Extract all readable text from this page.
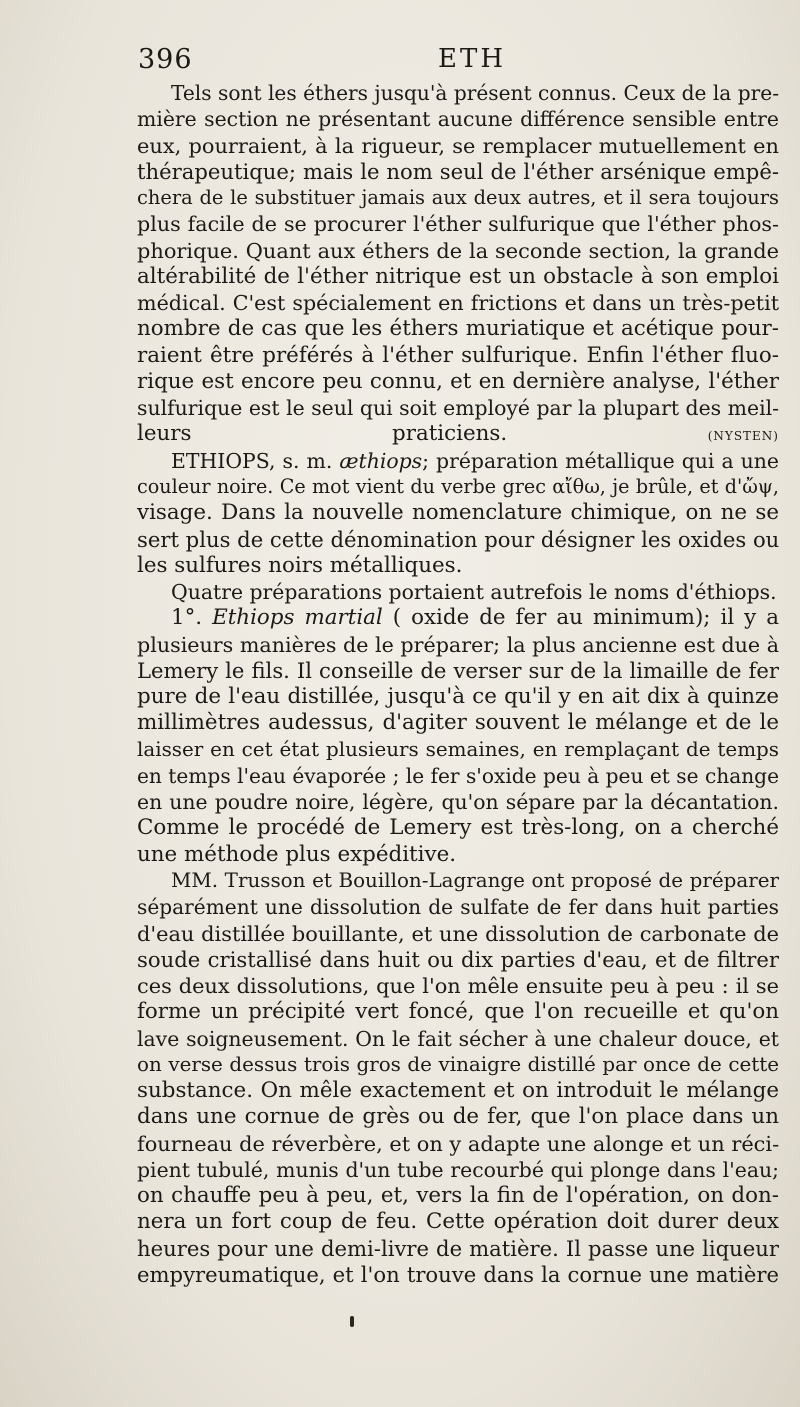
396	ETH
Tels sont les éthers jusqu'à présent connus. Ceux de la pre-
mière section ne présentant aucune différence sensible entre
eux, pourraient, à la rigueur, se remplacer mutuellement en
thérapeutique; mais le nom seul de l'éther arsénique empê-
chera de le substituer jamais aux deux autres, et il sera toujours
plus facile de se procurer l'éther sulfurique que l'éther phos-
phorique. Quant aux éthers de la seconde section, la grande
altérabilité de l'éther nitrique est un obstacle à son emploi
médical. C'est spécialement en frictions et dans un très-petit
nombre de cas que les éthers muriatique et acétique pour-
raient être préférés à l'éther sulfurique. Enfin l'éther fluo-
rique est encore peu connu, et en dernière analyse, l'éther
sulfurique est le seul qui soit employé par la plupart des meil-
leurs praticiens.	(NYSTEN)
ETHIOPS, s. m. æthiops; préparation métallique qui a une
couleur noire. Ce mot vient du verbe grec αἴθω, je brûle, et d'ὤψ,
visage. Dans la nouvelle nomenclature chimique, on ne se
sert plus de cette dénomination pour désigner les oxides ou
les sulfures noirs métalliques.
Quatre préparations portaient autrefois le noms d'éthiops.
1°. Ethiops martial ( oxide de fer au minimum); il y a
plusieurs manières de le préparer; la plus ancienne est due à
Lemery le fils. Il conseille de verser sur de la limaille de fer
pure de l'eau distillée, jusqu'à ce qu'il y en ait dix à quinze
millimètres audessus, d'agiter souvent le mélange et de le
laisser en cet état plusieurs semaines, en remplaçant de temps
en temps l'eau évaporée ; le fer s'oxide peu à peu et se change
en une poudre noire, légère, qu'on sépare par la décantation.
Comme le procédé de Lemery est très-long, on a cherché
une méthode plus expéditive.
MM. Trusson et Bouillon-Lagrange ont proposé de préparer
séparément une dissolution de sulfate de fer dans huit parties
d'eau distillée bouillante, et une dissolution de carbonate de
soude cristallisé dans huit ou dix parties d'eau, et de filtrer
ces deux dissolutions, que l'on mêle ensuite peu à peu : il se
forme un précipité vert foncé, que l'on recueille et qu'on
lave soigneusement. On le fait sécher à une chaleur douce, et
on verse dessus trois gros de vinaigre distillé par once de cette
substance. On mêle exactement et on introduit le mélange
dans une cornue de grès ou de fer, que l'on place dans un
fourneau de réverbère, et on y adapte une alonge et un réci-
pient tubulé, munis d'un tube recourbé qui plonge dans l'eau;
on chauffe peu à peu, et, vers la fin de l'opération, on don-
nera un fort coup de feu. Cette opération doit durer deux
heures pour une demi-livre de matière. Il passe une liqueur
empyreumatique, et l'on trouve dans la cornue une matière
